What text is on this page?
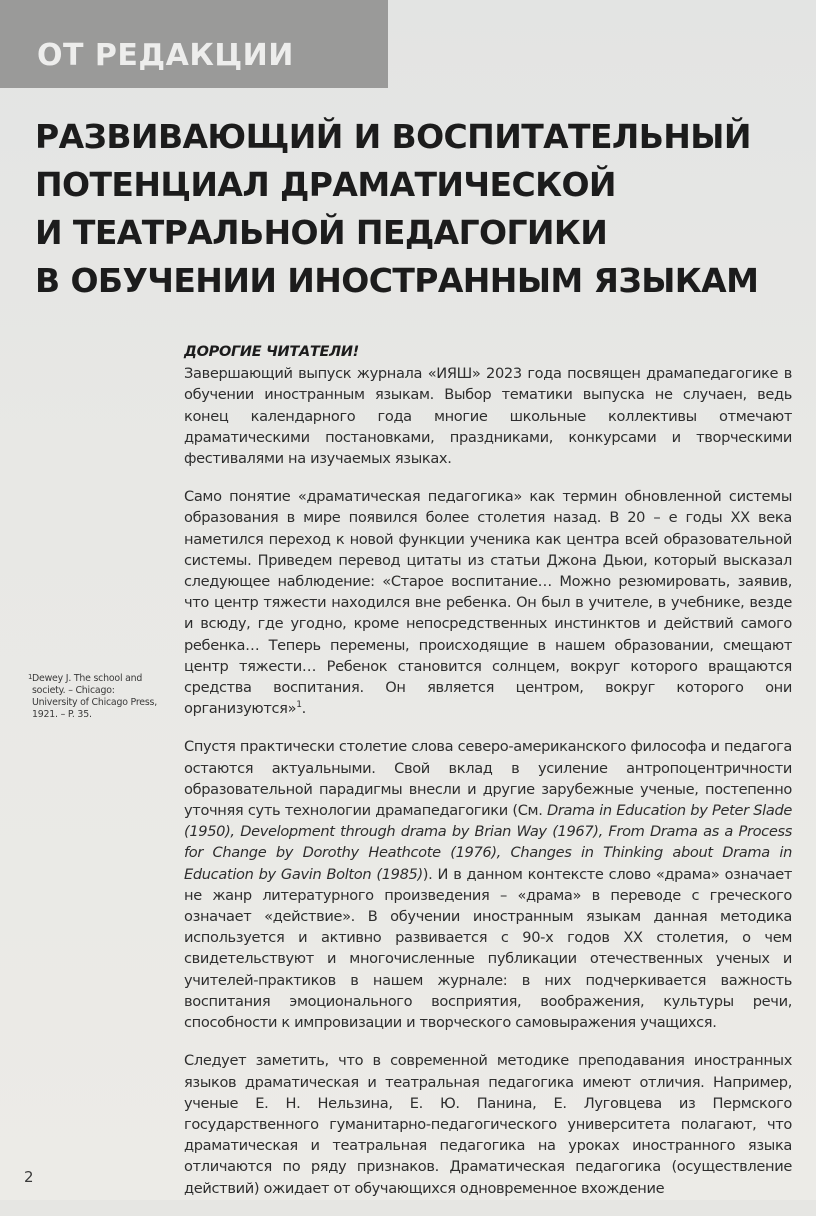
ОТ РЕДАКЦИИ
РАЗВИВАЮЩИЙ И ВОСПИТАТЕЛЬНЫЙ
ПОТЕНЦИАЛ ДРАМАТИЧЕСКОЙ
И ТЕАТРАЛЬНОЙ ПЕДАГОГИКИ
В ОБУЧЕНИИ ИНОСТРАННЫМ ЯЗЫКАМ
ДОРОГИЕ ЧИТАТЕЛИ!

Завершающий выпуск журнала «ИЯШ» 2023 года посвящен драмапедагогике в обучении иностранным языкам. Выбор тематики выпуска не случаен, ведь конец календарного года многие школьные коллективы отмечают драматическими постановками, праздниками, конкурсами и творческими фестивалями на изучаемых языках.

Само понятие «драматическая педагогика» как термин обновленной системы образования в мире появился более столетия назад. В 20 – е годы XX века наметился переход к новой функции ученика как центра всей образовательной системы. Приведем перевод цитаты из статьи Джона Дьюи, который высказал следующее наблюдение: «Старое воспитание… Можно резюмировать, заявив, что центр тяжести находился вне ребенка. Он был в учителе, в учебнике, везде и всюду, где угодно, кроме непосредственных инстинктов и действий самого ребенка… Теперь перемены, происходящие в нашем образовании, смещают центр тяжести… Ребенок становится солнцем, вокруг которого вращаются средства воспитания. Он является центром, вокруг которого они организуются»$^1$.

Спустя практически столетие слова северо-американского философа и педагога остаются актуальными. Свой вклад в усиление антропоцентричности образовательной парадигмы внесли и другие зарубежные ученые, постепенно уточняя суть технологии драмапедагогики (См. Drama in Education by Peter Slade (1950), Development through drama by Brian Way (1967), From Drama as a Process for Change by Dorothy Heathcote (1976), Changes in Thinking about Drama in Education by Gavin Bolton (1985)). И в данном контексте слово «драма» означает не жанр литературного произведения – «драма» в переводе с греческого означает «действие». В обучении иностранным языкам данная методика используется и активно развивается с 90-х годов XX столетия, о чем свидетельствуют и многочисленные публикации отечественных ученых и учителей-практиков в нашем журнале: в них подчеркивается важность воспитания эмоционального восприятия, воображения, культуры речи, способности к импровизации и творческого самовыражения учащихся.

Следует заметить, что в современной методике преподавания иностранных языков драматическая и театральная педагогика имеют отличия. Например, ученые Е. Н. Нельзина, Е. Ю. Панина, Е. Луговцева из Пермского государственного гуманитарно-педагогического университета полагают, что драматическая и театральная педагогика на уроках иностранного языка отличаются по ряду признаков. Драматическая педагогика (осуществление действий) ожидает от обучающихся одновременное вхождение

1 Dewey J. The school and society. – Chicago: University of Chicago Press, 1921. – P. 35.
2
